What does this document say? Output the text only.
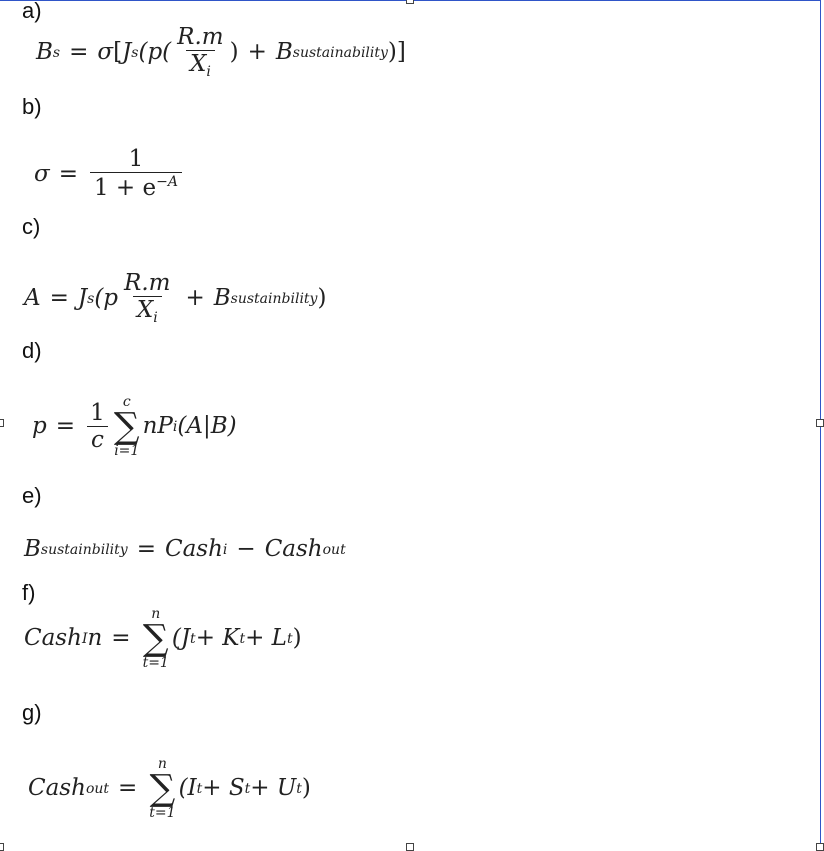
a)
B s = σ [ J s ($p( \frac{R.m}{X_i}$ ) + B sustainability )]
b)
$\sigma = \frac{1}{1 + e^{-A}}$
c)
A = J s ($p \frac{R.m}{X_i} + B$ sustainbility )
d)
$p = \frac{1}{c}$ c
∑
i=1
nP i (A|B)
e)
B sustainbility = Cash i − Cash out
f)
Cash I n =
n
∑
t=1
(J t + K t + L t )
g)
Cash out =
n
∑
t=1
(I t + S t + U t )
